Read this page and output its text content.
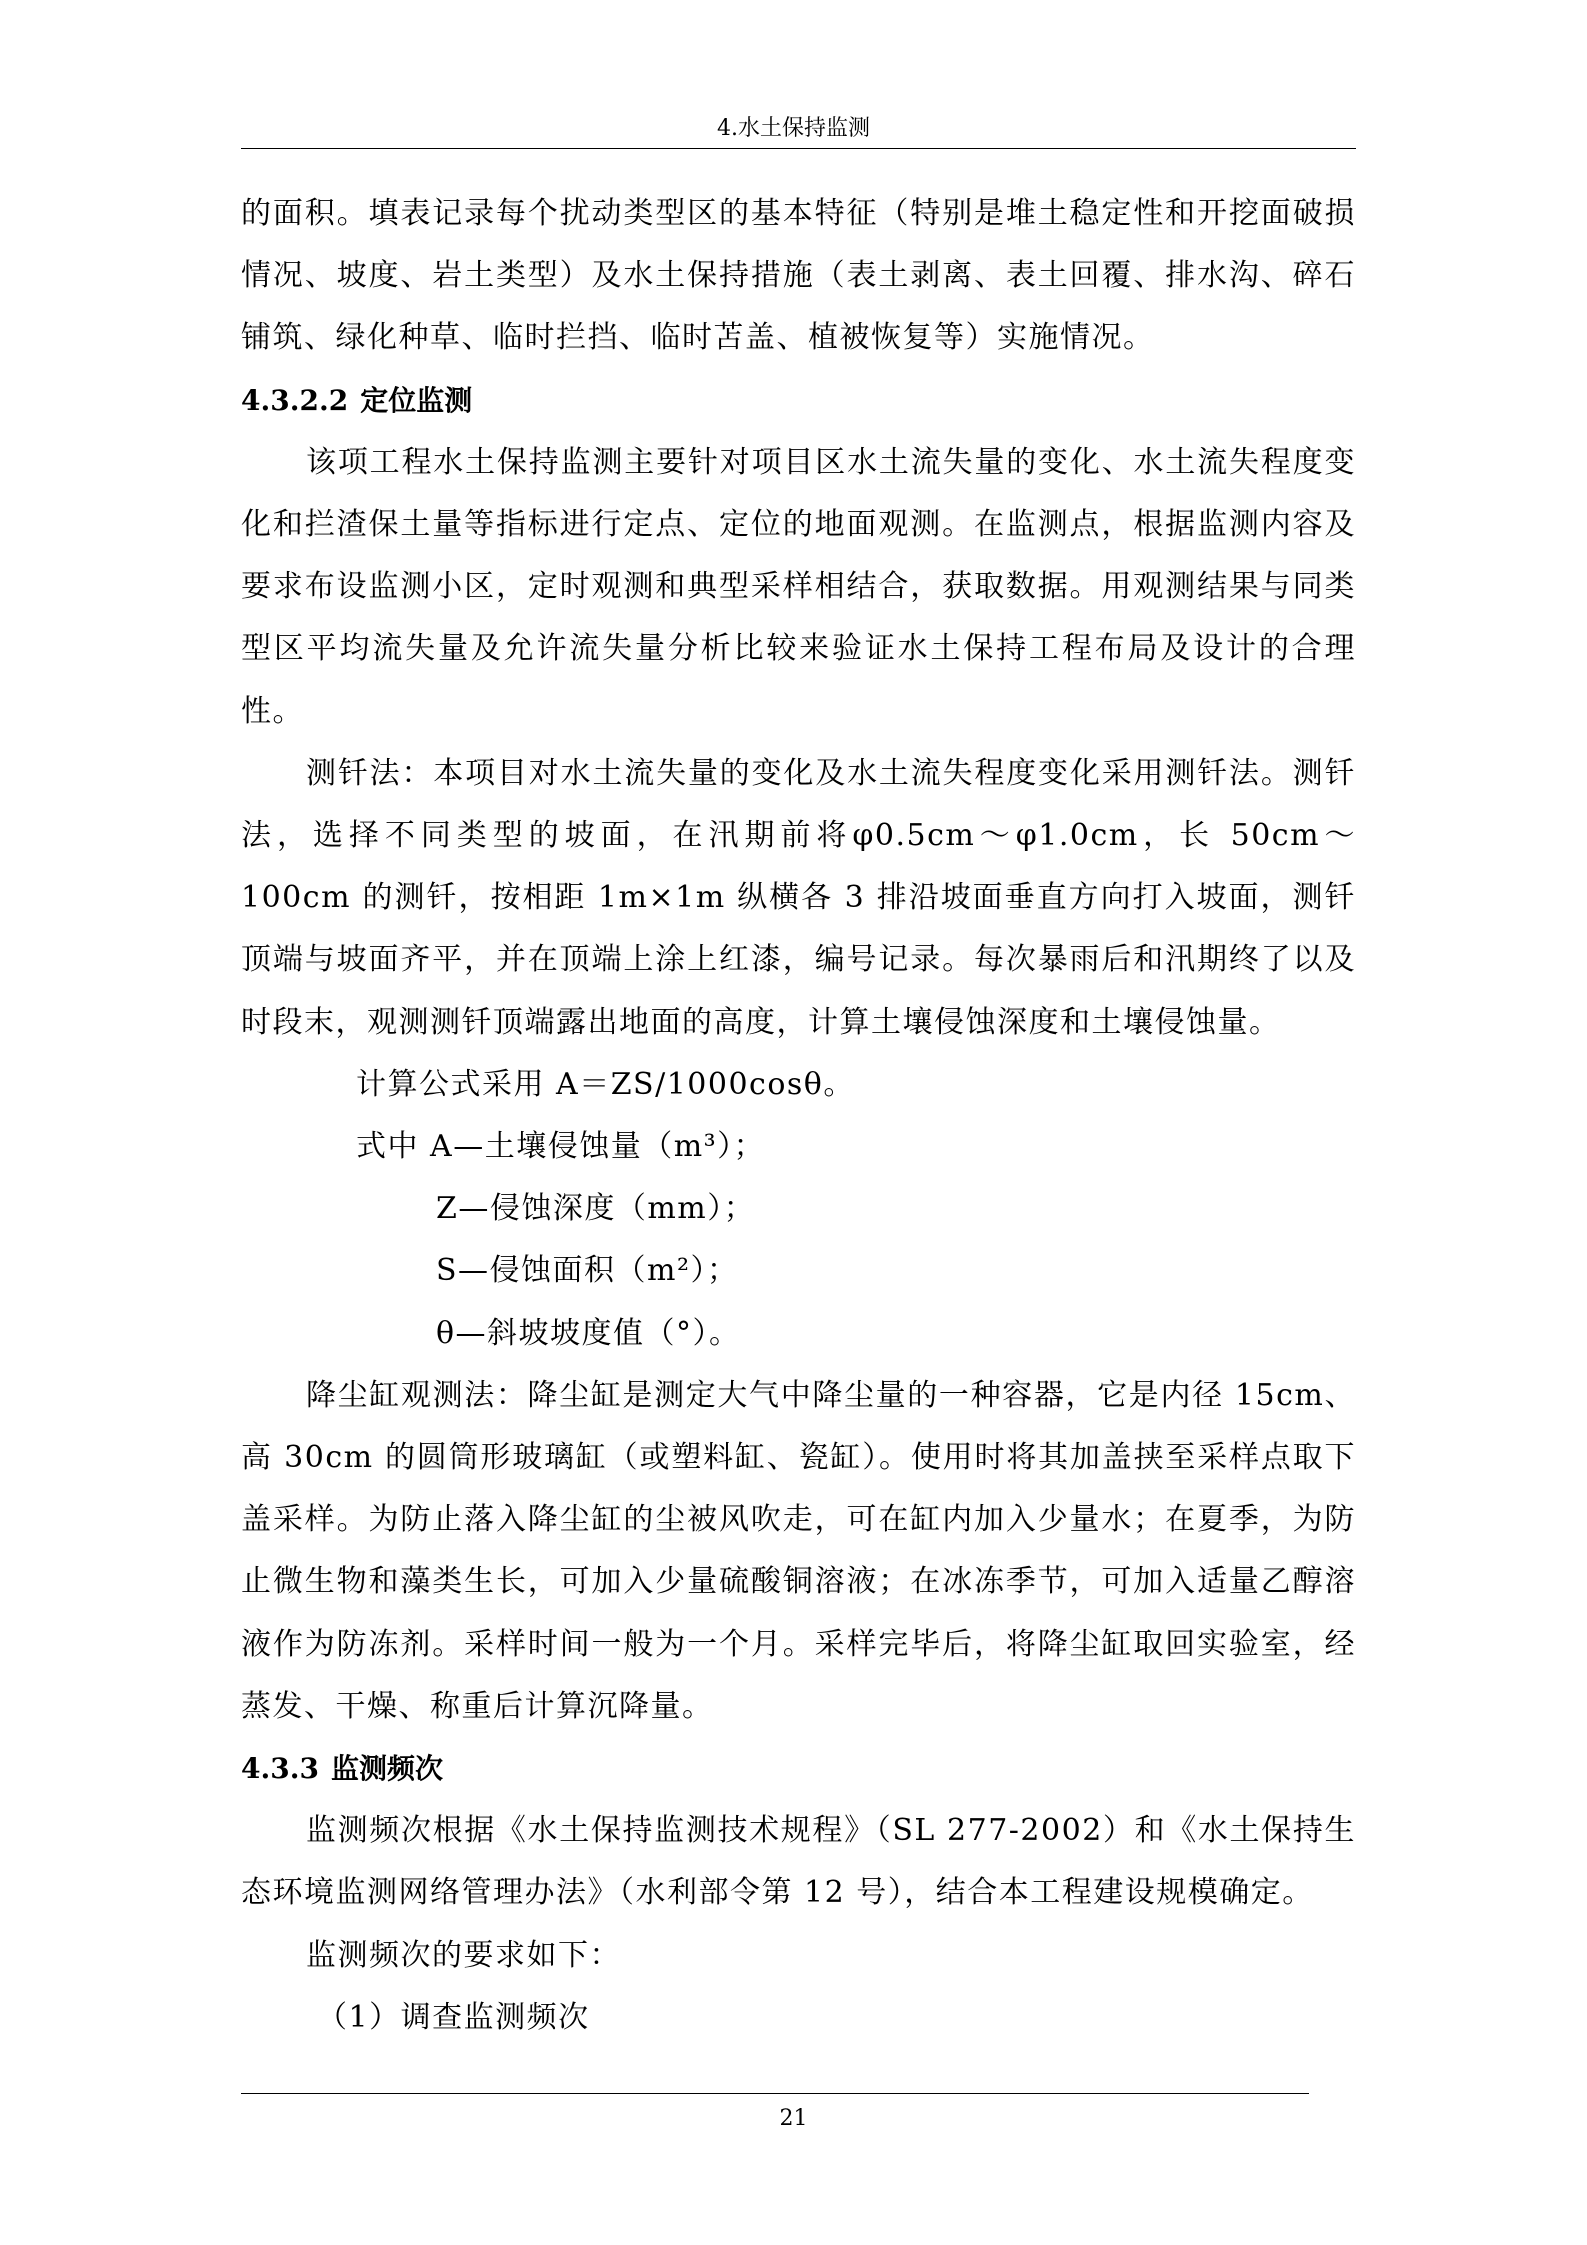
4.水土保持监测

的面积。填表记录每个扰动类型区的基本特征（特别是堆土稳定性和开挖面破损情况、坡度、岩土类型）及水土保持措施（表土剥离、表土回覆、排水沟、碎石铺筑、绿化种草、临时拦挡、临时苫盖、植被恢复等）实施情况。

4.3.2.2 定位监测

该项工程水土保持监测主要针对项目区水土流失量的变化、水土流失程度变化和拦渣保土量等指标进行定点、定位的地面观测。在监测点，根据监测内容及要求布设监测小区，定时观测和典型采样相结合，获取数据。用观测结果与同类型区平均流失量及允许流失量分析比较来验证水土保持工程布局及设计的合理性。

测钎法：本项目对水土流失量的变化及水土流失程度变化采用测钎法。测钎法，选择不同类型的坡面，在汛期前将φ0.5cm～φ1.0cm，长 50cm～100cm 的测钎，按相距 1m×1m 纵横各 3 排沿坡面垂直方向打入坡面，测钎顶端与坡面齐平，并在顶端上涂上红漆，编号记录。每次暴雨后和汛期终了以及时段末，观测测钎顶端露出地面的高度，计算土壤侵蚀深度和土壤侵蚀量。

计算公式采用 A＝ZS/1000cosθ。

式中 A—土壤侵蚀量（m³）；

Z—侵蚀深度（mm）；

S—侵蚀面积（m²）；

θ—斜坡坡度值（°）。

降尘缸观测法：降尘缸是测定大气中降尘量的一种容器，它是内径 15cm、高 30cm 的圆筒形玻璃缸（或塑料缸、瓷缸）。使用时将其加盖挟至采样点取下盖采样。为防止落入降尘缸的尘被风吹走，可在缸内加入少量水；在夏季，为防止微生物和藻类生长，可加入少量硫酸铜溶液；在冰冻季节，可加入适量乙醇溶液作为防冻剂。采样时间一般为一个月。采样完毕后，将降尘缸取回实验室，经蒸发、干燥、称重后计算沉降量。

4.3.3 监测频次

监测频次根据《水土保持监测技术规程》（SL 277-2002）和《水土保持生态环境监测网络管理办法》（水利部令第 12 号），结合本工程建设规模确定。

监测频次的要求如下：

（1）调查监测频次

21
